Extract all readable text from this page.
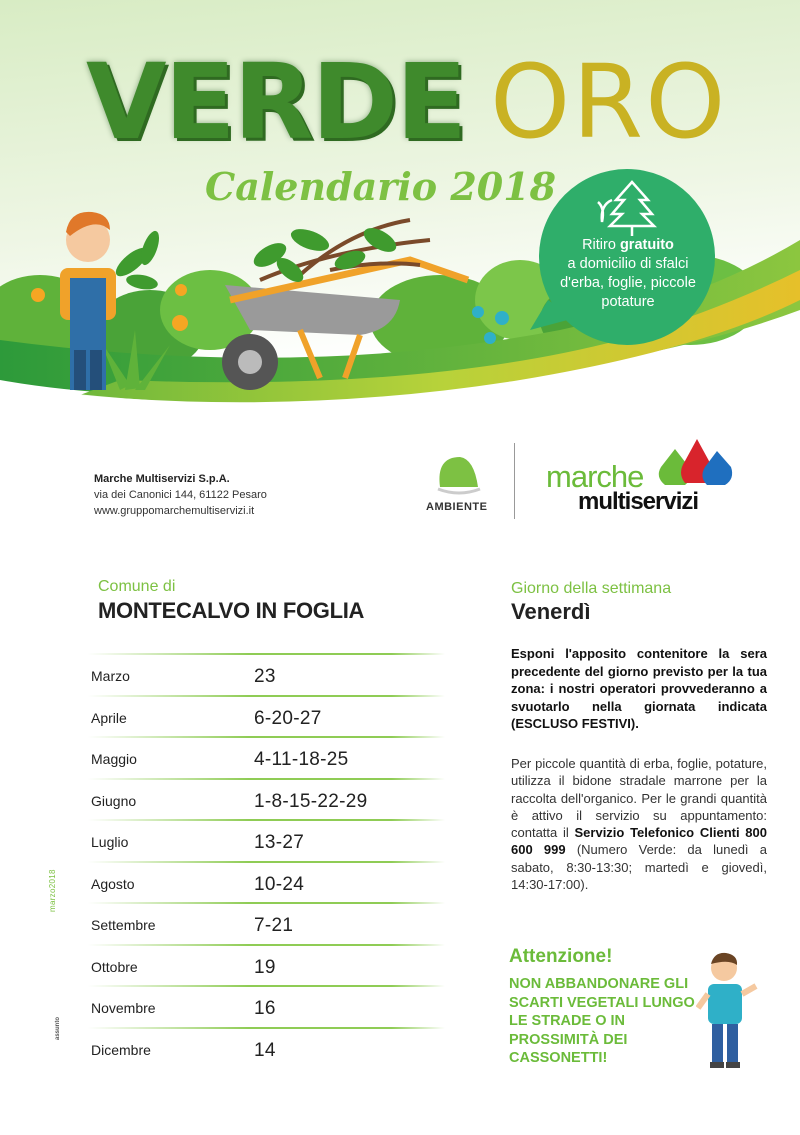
VERDE ORO
Calendario 2018
Ritiro gratuito
a domicilio di sfalci d'erba, foglie, piccole potature
Marche Multiservizi S.p.A.
via dei Canonici 144, 61122 Pesaro
www.gruppomarchemultiservizi.it	AMBIENTE
marche
multiservizi
Comune di
MONTECALVO IN FOGLIA
Marzo	23
Aprile	6-20-27
Maggio	4-11-18-25
Giugno	1-8-15-22-29
Luglio	13-27
Agosto	10-24
Settembre	7-21
Ottobre	19
Novembre	16
Dicembre	14
Giorno della settimana
Venerdì
Esponi l'apposito contenitore la sera precedente del giorno previsto per la tua zona: i nostri operatori provvederanno a svuotarlo nella giornata indicata (ESCLUSO FESTIVI).
Per piccole quantità di erba, foglie, potature, utilizza il bidone stradale marrone per la raccolta dell'organico. Per le grandi quantità è attivo il servizio su appuntamento: contatta il Servizio Telefonico Clienti 800 600 999 (Numero Verde: da lunedì a sabato, 8:30-13:30; martedì e giovedì, 14:30-17:00).
Attenzione!
NON ABBANDONARE GLI SCARTI VEGETALI LUNGO LE STRADE O IN PROSSIMITÀ DEI CASSONETTI!
marzo2018
assunto
